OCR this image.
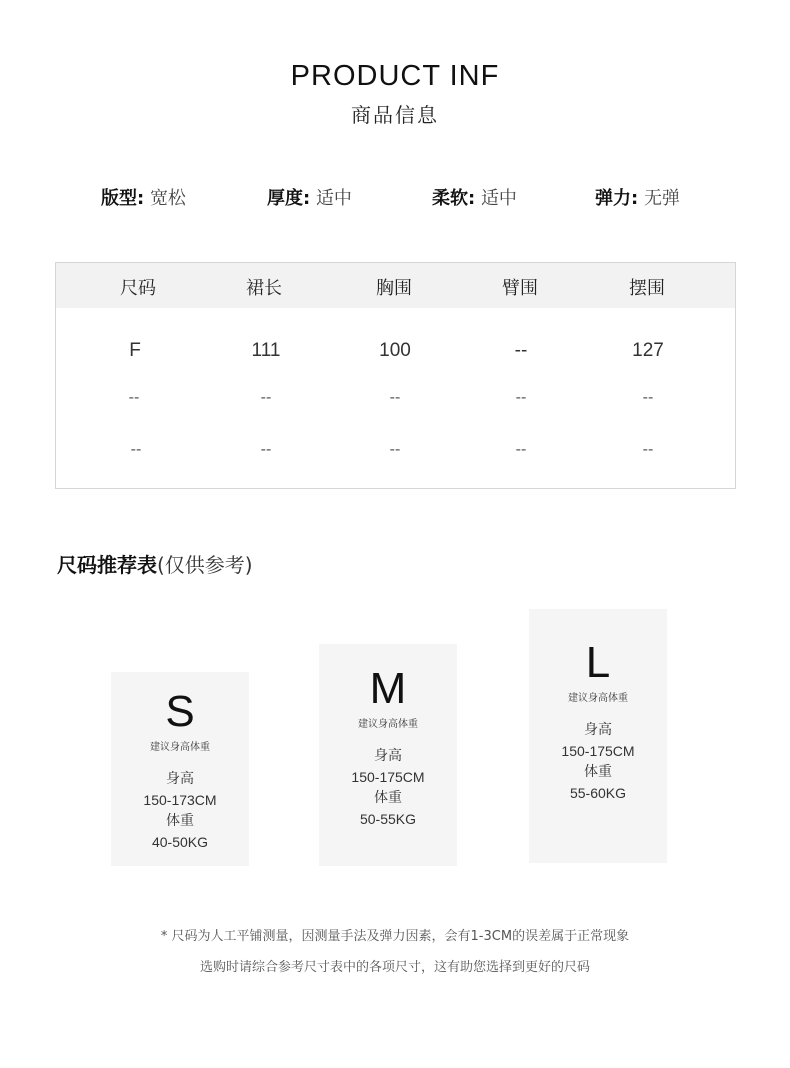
PRODUCT INF
商品信息
版型: 宽松	厚度: 适中	柔软: 适中	弹力: 无弹
尺码	裙长	胸围	臂围	摆围
F	111	100	--	127
--	--	--	--	--
--	--	--	--	--
尺码推荐表(仅供参考)
S
建议身高体重
身高
150-173CM
体重
40-50KG
M
建议身高体重
身高
150-175CM
体重
50-55KG
L
建议身高体重
身高
150-175CM
体重
55-60KG
* 尺码为人工平铺测量，因测量手法及弹力因素，会有1-3CM的误差属于正常现象
选购时请综合参考尺寸表中的各项尺寸，这有助您选择到更好的尺码
